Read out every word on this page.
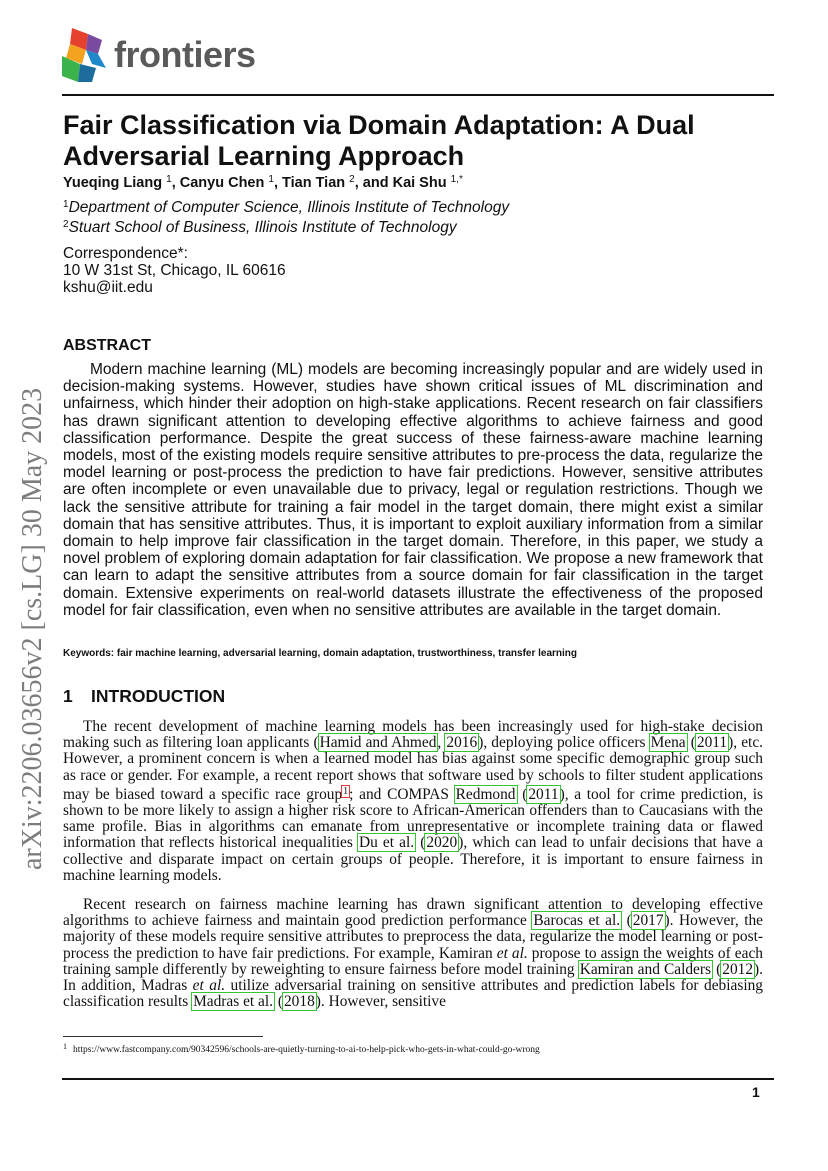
frontiers
Fair Classification via Domain Adaptation: A Dual Adversarial Learning Approach
Yueqing Liang $^1$, Canyu Chen $^1$, Tian Tian $^2$, and Kai Shu $^{1,*}$
$^1$Department of Computer Science, Illinois Institute of Technology
$^2$Stuart School of Business, Illinois Institute of Technology
Correspondence*:
10 W 31st St, Chicago, IL 60616
kshu@iit.edu
ABSTRACT

Modern machine learning (ML) models are becoming increasingly popular and are widely used in decision-making systems. However, studies have shown critical issues of ML discrimination and unfairness, which hinder their adoption on high-stake applications. Recent research on fair classifiers has drawn significant attention to developing effective algorithms to achieve fairness and good classification performance. Despite the great success of these fairness-aware machine learning models, most of the existing models require sensitive attributes to pre-process the data, regularize the model learning or post-process the prediction to have fair predictions. However, sensitive attributes are often incomplete or even unavailable due to privacy, legal or regulation restrictions. Though we lack the sensitive attribute for training a fair model in the target domain, there might exist a similar domain that has sensitive attributes. Thus, it is important to exploit auxiliary information from a similar domain to help improve fair classification in the target domain. Therefore, in this paper, we study a novel problem of exploring domain adaptation for fair classification. We propose a new framework that can learn to adapt the sensitive attributes from a source domain for fair classification in the target domain. Extensive experiments on real-world datasets illustrate the effectiveness of the proposed model for fair classification, even when no sensitive attributes are available in the target domain.

Keywords: fair machine learning, adversarial learning, domain adaptation, trustworthiness, transfer learning
1 INTRODUCTION

The recent development of machine learning models has been increasingly used for high-stake decision making such as filtering loan applicants (Hamid and Ahmed, 2016), deploying police officers Mena (2011), etc. However, a prominent concern is when a learned model has bias against some specific demographic group such as race or gender. For example, a recent report shows that software used by schools to filter student applications may be biased toward a specific race group$^1$; and COMPAS Redmond (2011), a tool for crime prediction, is shown to be more likely to assign a higher risk score to African-American offenders than to Caucasians with the same profile. Bias in algorithms can emanate from unrepresentative or incomplete training data or flawed information that reflects historical inequalities Du et al. (2020), which can lead to unfair decisions that have a collective and disparate impact on certain groups of people. Therefore, it is important to ensure fairness in machine learning models.

Recent research on fairness machine learning has drawn significant attention to developing effective algorithms to achieve fairness and maintain good prediction performance Barocas et al. (2017). However, the majority of these models require sensitive attributes to preprocess the data, regularize the model learning or post-process the prediction to have fair predictions. For example, Kamiran et al. propose to assign the weights of each training sample differently by reweighting to ensure fairness before model training Kamiran and Calders (2012). In addition, Madras et al. utilize adversarial training on sensitive attributes and prediction labels for debiasing classification results Madras et al. (2018). However, sensitive

$^1$ https://www.fastcompany.com/90342596/schools-are-quietly-turning-to-ai-to-help-pick-who-gets-in-what-could-go-wrong
1
arXiv:2206.03656v2 [cs.LG] 30 May 2023
